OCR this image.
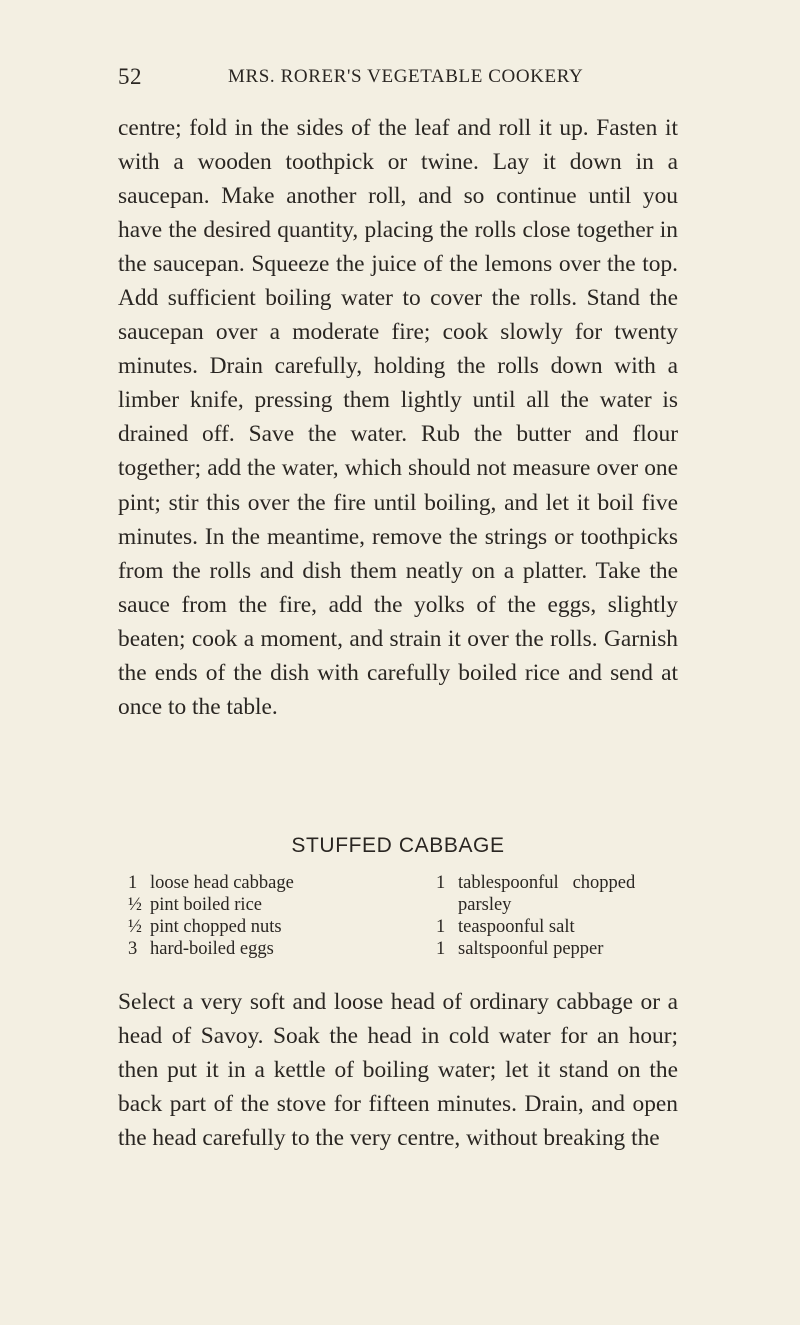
52	MRS. RORER'S VEGETABLE COOKERY

centre; fold in the sides of the leaf and roll it up. Fasten it with a wooden toothpick or twine. Lay it down in a saucepan. Make another roll, and so continue until you have the desired quantity, placing the rolls close together in the saucepan. Squeeze the juice of the lemons over the top. Add sufficient boiling water to cover the rolls. Stand the saucepan over a moderate fire; cook slowly for twenty minutes. Drain carefully, holding the rolls down with a limber knife, pressing them lightly until all the water is drained off. Save the water. Rub the butter and flour together; add the water, which should not measure over one pint; stir this over the fire until boiling, and let it boil five minutes. In the meantime, remove the strings or toothpicks from the rolls and dish them neatly on a platter. Take the sauce from the fire, add the yolks of the eggs, slightly beaten; cook a moment, and strain it over the rolls. Garnish the ends of the dish with carefully boiled rice and send at once to the table.

STUFFED CABBAGE
1 loose head cabbage
½ pint boiled rice
½ pint chopped nuts
3 hard-boiled eggs
1 tablespoonful   chopped
parsley
1 teaspoonful salt
1 saltspoonful pepper

Select a very soft and loose head of ordinary cabbage or a head of Savoy. Soak the head in cold water for an hour; then put it in a kettle of boiling water; let it stand on the back part of the stove for fifteen minutes. Drain, and open the head carefully to the very centre, without breaking the
